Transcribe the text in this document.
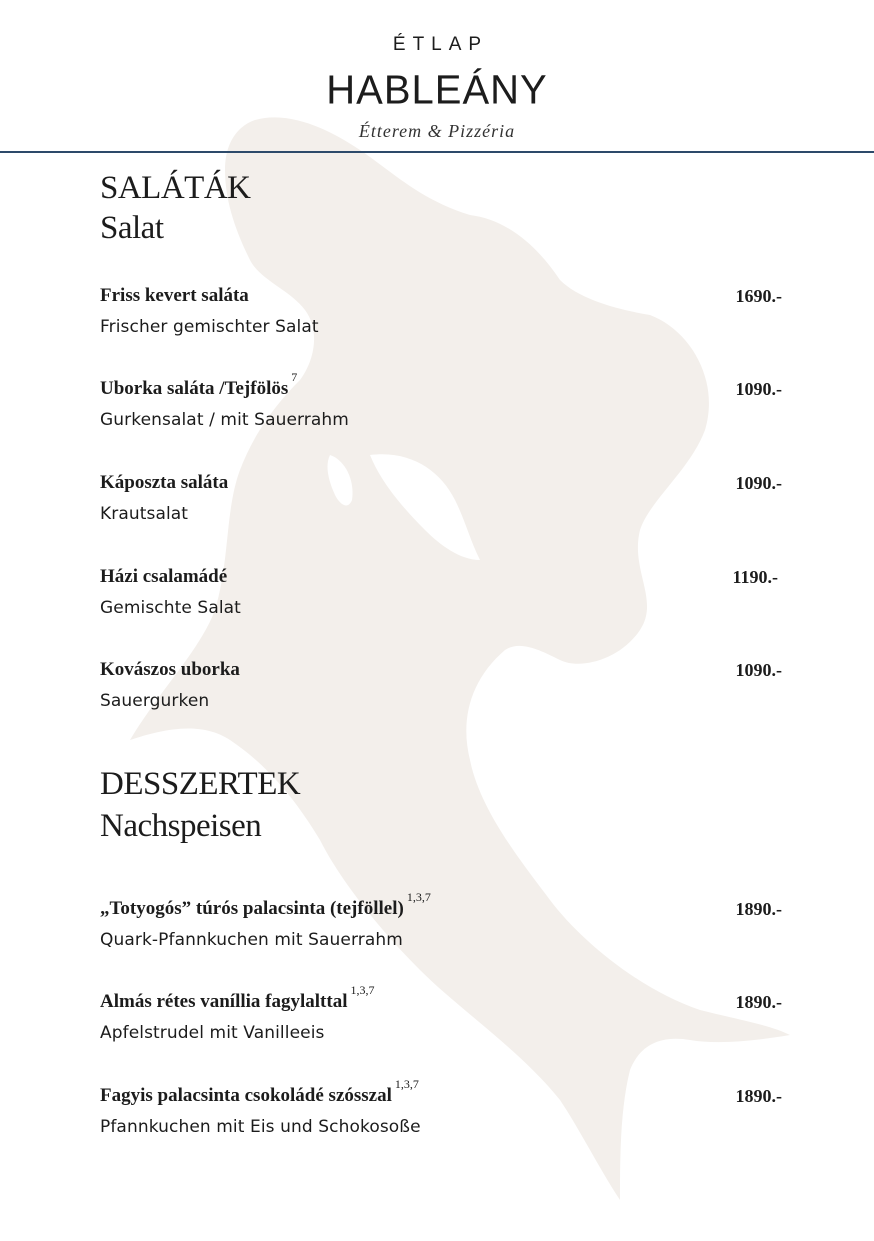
ÉTLAP
HABLEÁNY
Étterem & Pizzéria
SALÁTÁK
Salat
Friss kevert saláta
Frischer gemischter Salat
1690.-
Uborka saláta /Tejfölös$^7$
Gurkensalat / mit Sauerrahm
1090.-
Káposzta saláta
Krautsalat
1090.-
Házi csalamádé
Gemischte Salat
1190.-
Kovászos uborka
Sauergurken
1090.-
DESSZERTEK
Nachspeisen
„Totyogós” túrós palacsinta (tejföllel)$^{1,3,7}$
Quark-Pfannkuchen mit Sauerrahm
1890.-
Almás rétes vaníllia fagylalttal$^{1,3,7}$
Apfelstrudel mit Vanilleeis
1890.-
Fagyis palacsinta csokoládé szósszal$^{1,3,7}$
Pfannkuchen mit Eis und Schokosoße
1890.-
